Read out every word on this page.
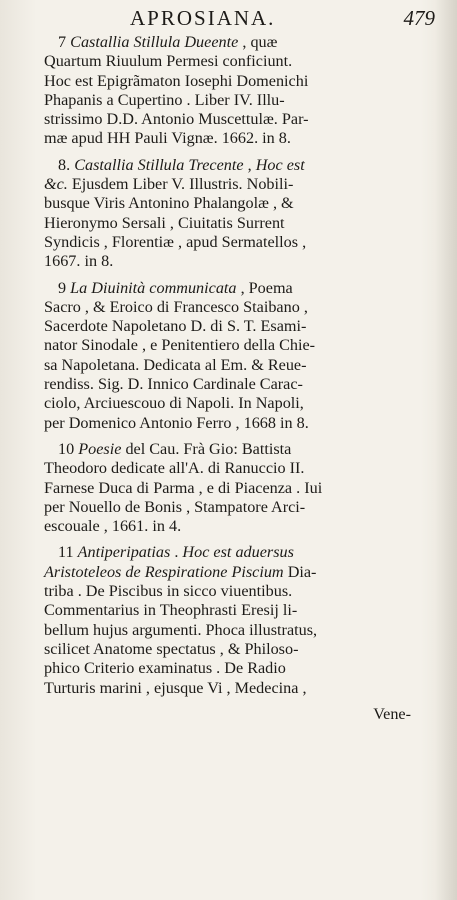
APROSIANA.	479
7 Castallia Stillula Dueente , quæ
Quartum Riuulum Permesi conficiunt.
Hoc est Epigrãmaton Iosephi Domenichi
Phapanis a Cupertino . Liber IV. Illu-
strissimo D.D. Antonio Muscettulæ. Par-
mæ apud HH Pauli Vignæ. 1662. in 8.
8. Castallia Stillula Trecente , Hoc est
&c. Ejusdem Liber V. Illustris. Nobili-
busque Viris Antonino Phalangolæ , &
Hieronymo Sersali , Ciuitatis Surrent
Syndicis , Florentiæ , apud Sermatellos ,
1667. in 8.
9 La Diuinità communicata , Poema
Sacro , & Eroico di Francesco Staibano ,
Sacerdote Napoletano D. di S. T. Esami-
nator Sinodale , e Penitentiero della Chie-
sa Napoletana. Dedicata al Em. & Reue-
rendiss. Sig. D. Innico Cardinale Carac-
ciolo, Arciuescouo di Napoli. In Napoli,
per Domenico Antonio Ferro , 1668 in 8.
10 Poesie del Cau. Frà Gio: Battista
Theodoro dedicate all'A. di Ranuccio II.
Farnese Duca di Parma , e di Piacenza . Iui
per Nouello de Bonis , Stampatore Arci-
escouale , 1661. in 4.
11 Antiperipatias . Hoc est aduersus
Aristoteleos de Respiratione Piscium Dia-
triba . De Piscibus in sicco viuentibus.
Commentarius in Theophrasti Eresij li-
bellum hujus argumenti. Phoca illustratus,
scilicet Anatome spectatus , & Philoso-
phico Criterio examinatus . De Radio
Turturis marini , ejusque Vi , Medecina ,
Vene-
